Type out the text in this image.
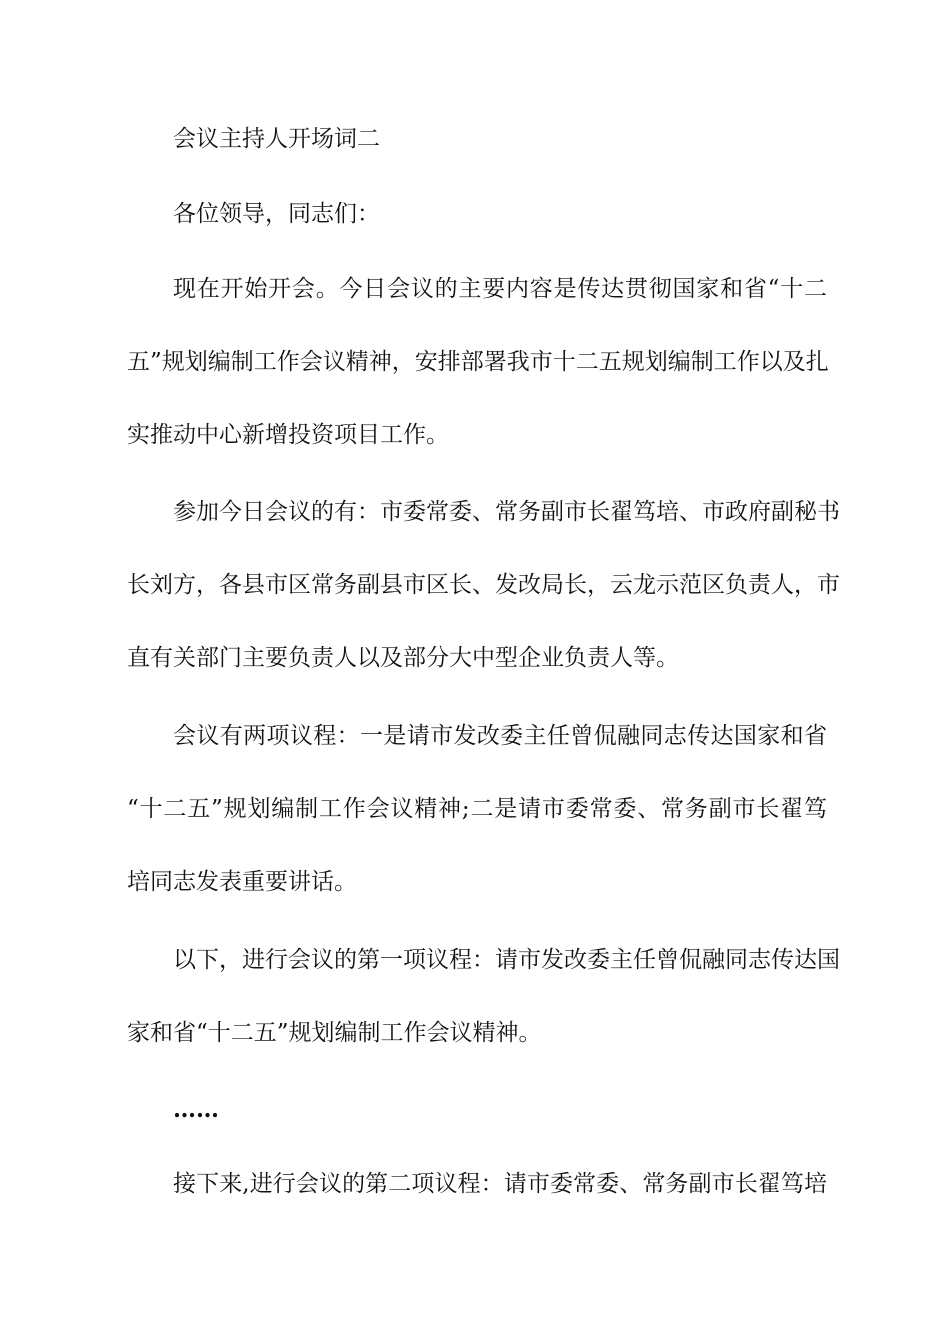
会议主持人开场词二

各位领导，同志们：

现在开始开会。今日会议的主要内容是传达贯彻国家和省“十二
五”规划编制工作会议精神，安排部署我市十二五规划编制工作以及扎
实推动中心新增投资项目工作。
参加今日会议的有：市委常委、常务副市长翟笃培、市政府副秘书
长刘方，各县市区常务副县市区长、发改局长，云龙示范区负责人，市
直有关部门主要负责人以及部分大中型企业负责人等。
会议有两项议程：一是请市发改委主任曾侃融同志传达国家和省
“十二五”规划编制工作会议精神;二是请市委常委、常务副市长翟笃
培同志发表重要讲话。
以下，进行会议的第一项议程：请市发改委主任曾侃融同志传达国
家和省“十二五”规划编制工作会议精神。

……

接下来,进行会议的第二项议程：请市委常委、常务副市长翟笃培
